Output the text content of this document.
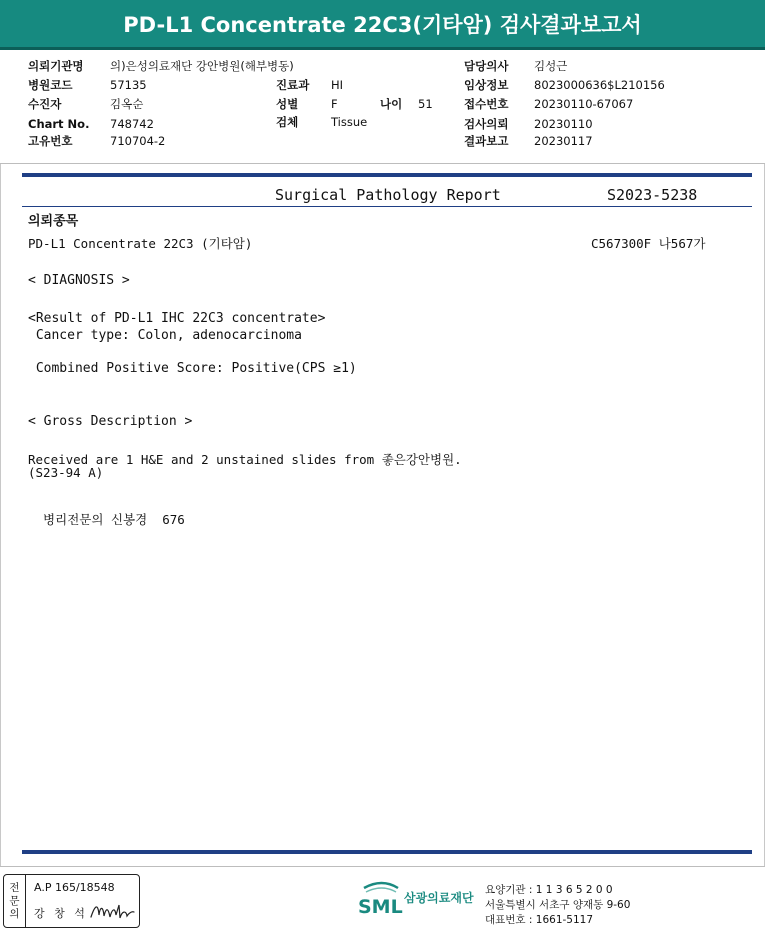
PD-L1 Concentrate 22C3(기타암) 검사결과보고서
의뢰기관명 의)은성의료재단 강안병원(해부병동)
병원코드	57135	진료과 HI
수진자	김옥순	성별	F	나이 51
Chart No. 748742	검체	Tissue
고유번호	710704-2
담당의사 김성근
임상정보 8023000636$L210156
접수번호 20230110-67067
검사의뢰 20230110
결과보고 20230117
Surgical Pathology Report	S2023-5238
의뢰종목
PD-L1 Concentrate 22C3 (기타암)	C567300F 나567가
< DIAGNOSIS >
<Result of PD-L1 IHC 22C3 concentrate>
Cancer type: Colon, adenocarcinoma
Combined Positive Score: Positive(CPS ≥1)
< Gross Description >
Received are 1 H&E and 2 unstained slides from 좋은강안병원.
(S23-94 A)
병리전문의 신봉경  676
전
문
의
A.P 165/18548
강 창 석	SML 삼광의료재단
요양기관 : 1 1 3 6 5 2 0 0
서울특별시 서초구 양재동 9-60
대표번호 : 1661-5117
